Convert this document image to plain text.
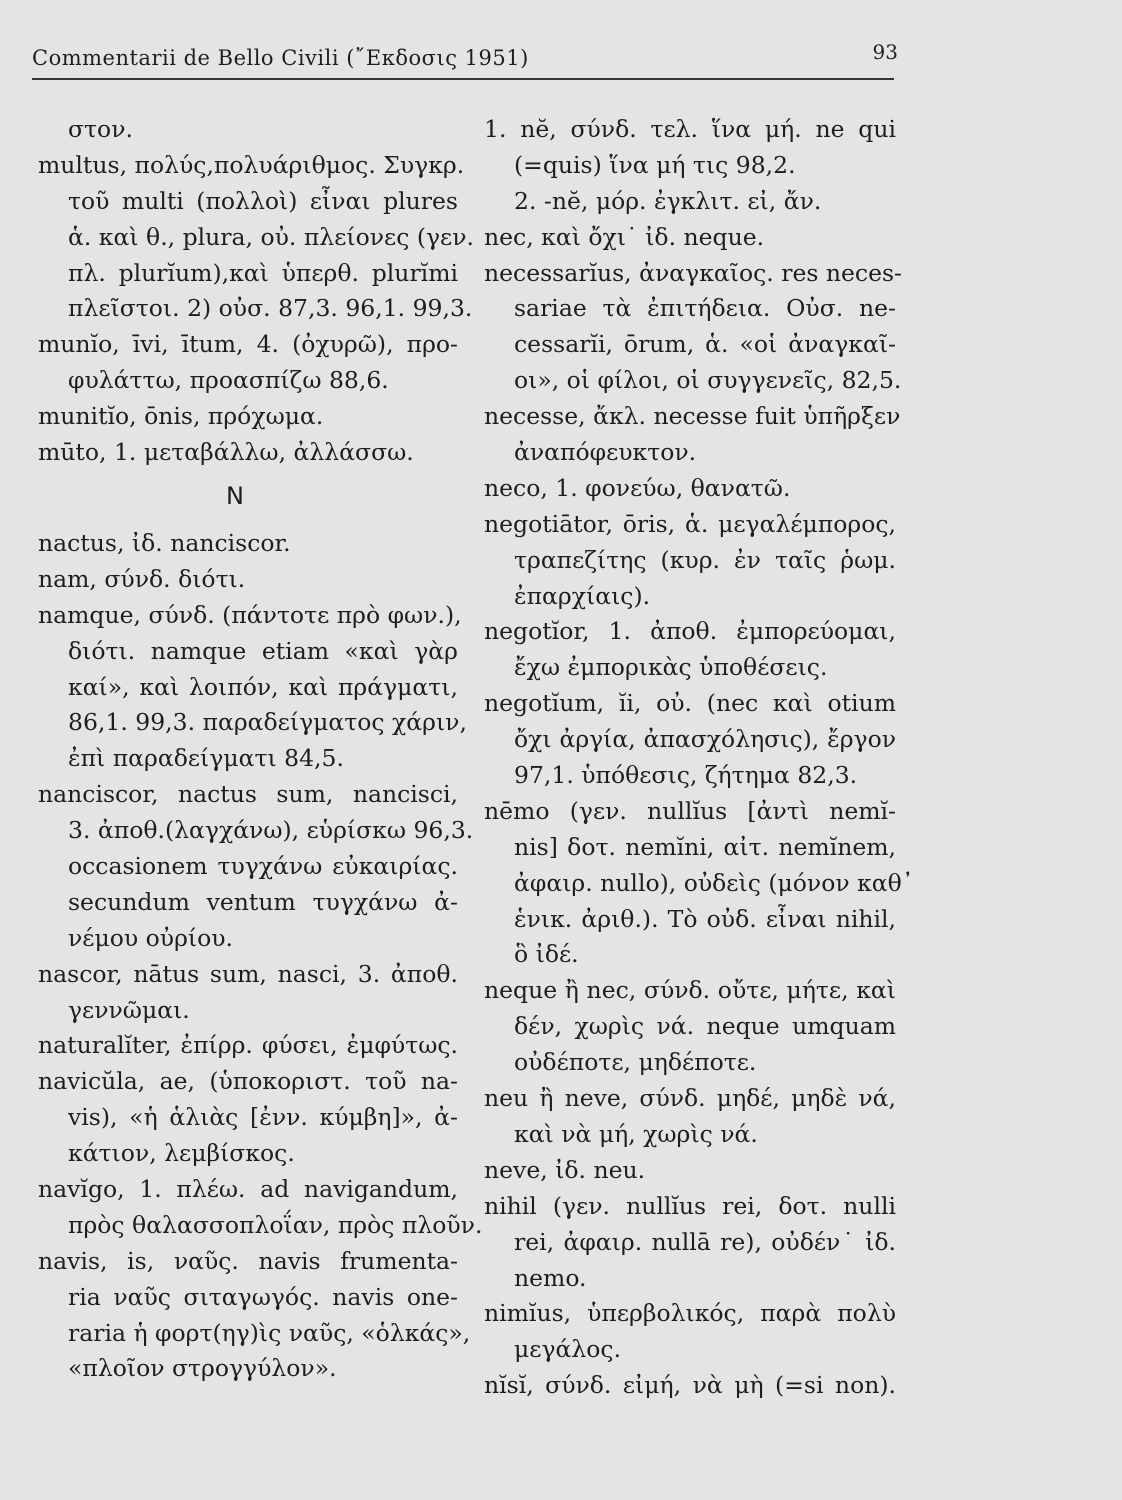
Commentarii de Bello Civili (῎Εκδοσις 1951)	93
στον.
multus, πολύς,πολυάριθμος. Συγκρ.
τοῦ multi (πολλοὶ) εἶναι plures
ἁ. καὶ θ., plura, οὐ. πλείονες (γεν.
πλ. plurĭum),καὶ ὑπερθ. plurĭmi
πλεῖστοι. 2) οὐσ. 87,3. 96,1. 99,3.
munĭo, īvi, ītum, 4. (ὀχυρῶ), προ-
φυλάττω, προασπίζω 88,6.
munitĭo, ōnis, πρόχωμα.
mūto, 1. μεταβάλλω, ἀλλάσσω.
N
nactus, ἰδ. nanciscor.
nam, σύνδ. διότι.
namque, σύνδ. (πάντοτε πρὸ φων.),
διότι. namque etiam «καὶ γὰρ
καί», καὶ λοιπόν, καὶ πράγματι,
86,1. 99,3. παραδείγματος χάριν,
ἐπὶ παραδείγματι 84,5.
nanciscor, nactus sum, nancisci,
3. ἀποθ.(λαγχάνω), εὑρίσκω 96,3.
occasionem τυγχάνω εὐκαιρίας.
secundum ventum τυγχάνω ἀ-
νέμου οὐρίου.
nascor, nātus sum, nasci, 3. ἀποθ.
γεννῶμαι.
naturalĭter, ἐπίρρ. φύσει, ἐμφύτως.
navicŭla, ae, (ὑποκοριστ. τοῦ na-
vis), «ἡ ἁλιὰς [ἐνν. κύμβη]», ἀ-
κάτιον, λεμβίσκος.
navĭgo, 1. πλέω. ad navigandum,
πρὸς θαλασσοπλοΐαν, πρὸς πλοῦν.
navis, is, ναῦς. navis frumenta-
ria ναῦς σιταγωγός. navis one-
raria ἡ φορτ(ηγ)ὶς ναῦς, «ὁλκάς»,
«πλοῖον στρογγύλον».
1. nĕ, σύνδ. τελ. ἵνα μή. ne qui
(=quis) ἵνα μή τις 98,2.
2. -nĕ, μόρ. ἐγκλιτ. εἰ, ἄν.
nec, καὶ ὄχι˙ ἰδ. neque.
necessarĭus, ἀναγκαῖος. res neces-
sariae τὰ ἐπιτήδεια. Οὐσ. ne-
cessarĭi, ōrum, ἁ. «οἱ ἀναγκαῖ-
οι», οἱ φίλοι, οἱ συγγενεῖς, 82,5.
necesse, ἄκλ. necesse fuit ὑπῆρξεν
ἀναπόφευκτον.
neco, 1. φονεύω, θανατῶ.
negotiātor, ōris, ἁ. μεγαλέμπορος,
τραπεζίτης (κυρ. ἐν ταῖς ῥωμ.
ἐπαρχίαις).
negotĭor, 1. ἀποθ. ἐμπορεύομαι,
ἔχω ἐμπορικὰς ὑποθέσεις.
negotĭum, ĭi, οὐ. (nec καὶ otium
ὄχι ἀργία, ἀπασχόλησις), ἔργον
97,1. ὑπόθεσις, ζήτημα 82,3.
nēmo (γεν. nullĭus [ἀντὶ nemĭ-
nis] δοτ. nemĭni, αἰτ. nemĭnem,
ἀφαιρ. nullo), οὐδεὶς (μόνον καθ᾽
ἑνικ. ἀριθ.). Τὸ οὐδ. εἶναι nihil,
ὃ ἰδέ.
neque ἢ nec, σύνδ. οὔτε, μήτε, καὶ
δέν, χωρὶς νά. neque umquam
οὐδέποτε, μηδέποτε.
neu ἢ neve, σύνδ. μηδέ, μηδὲ νά,
καὶ νὰ μή, χωρὶς νά.
neve, ἰδ. neu.
nihil (γεν. nullĭus rei, δοτ. nulli
rei, ἀφαιρ. nullā re), οὐδέν˙ ἰδ.
nemo.
nimĭus, ὑπερβολικός, παρὰ πολὺ
μεγάλος.
nĭsĭ, σύνδ. εἰμή, νὰ μὴ (=si non).
